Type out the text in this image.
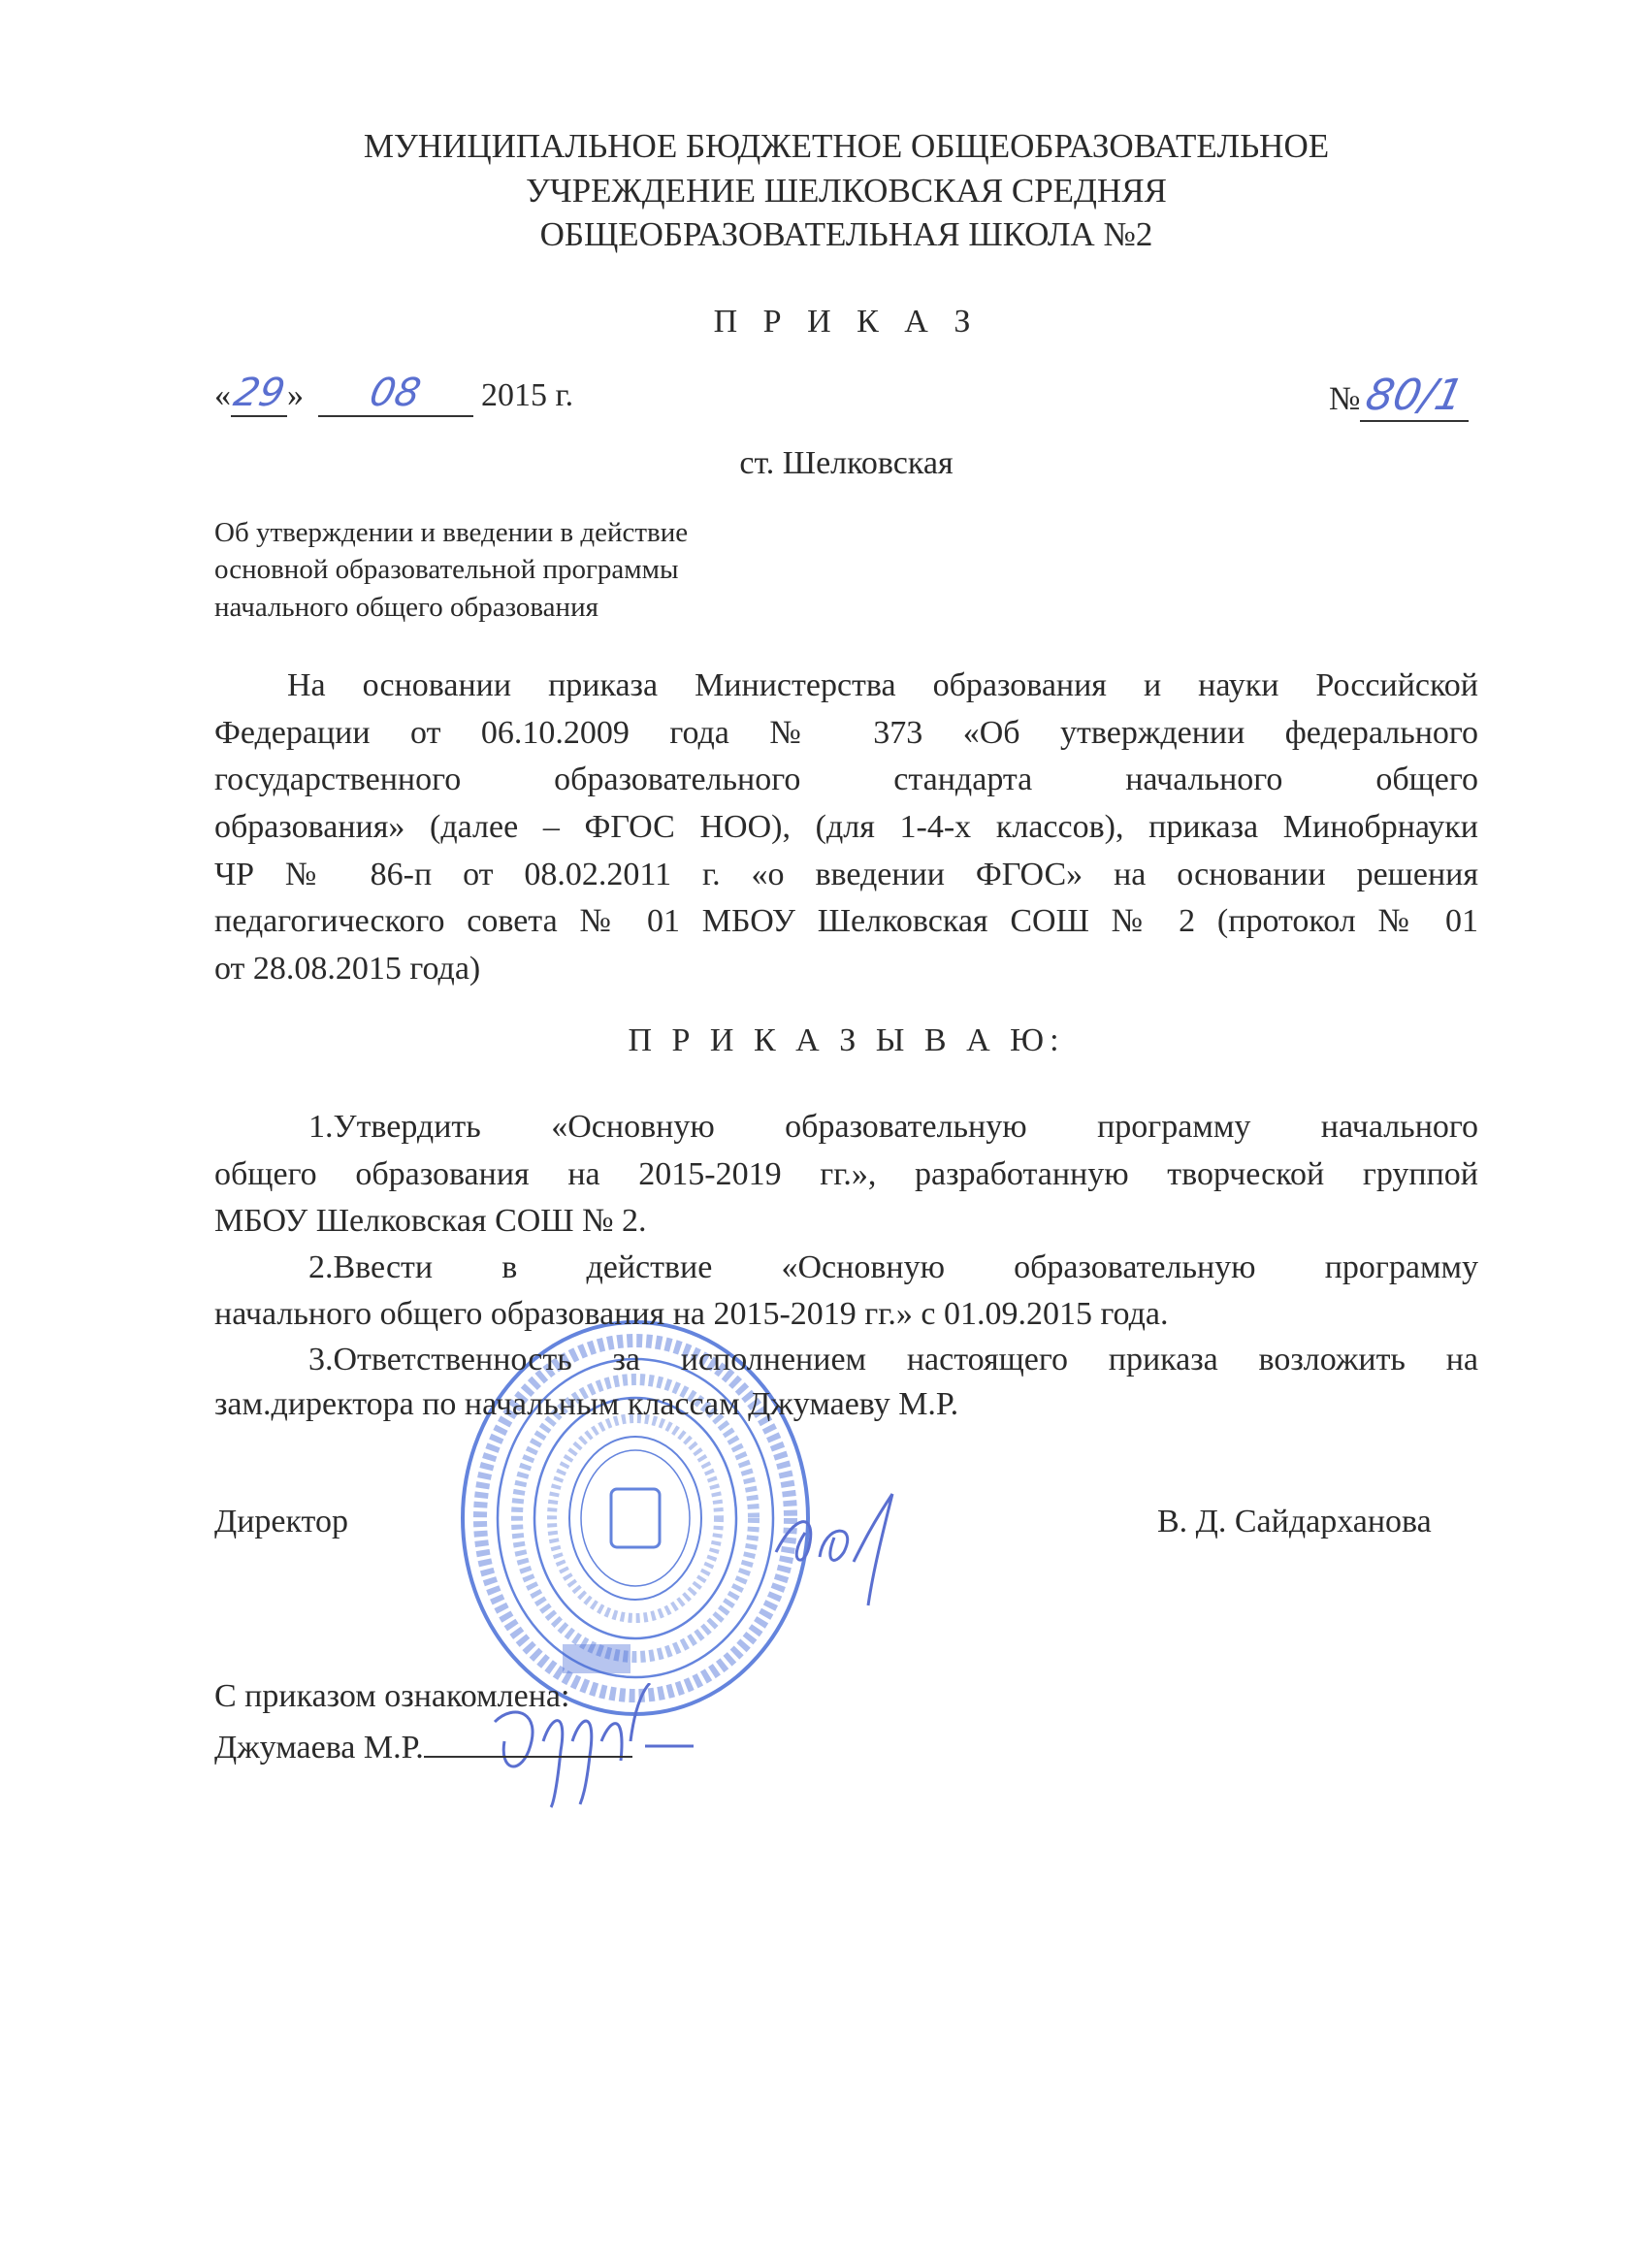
МУНИЦИПАЛЬНОЕ БЮДЖЕТНОЕ ОБЩЕОБРАЗОВАТЕЛЬНОЕ
УЧРЕЖДЕНИЕ ШЕЛКОВСКАЯ СРЕДНЯЯ
ОБЩЕОБРАЗОВАТЕЛЬНАЯ ШКОЛА №2
П Р И К А З
«29» 08 2015 г.	№80/1
ст. Шелковская
Об утверждении и введении в действие
основной образовательной программы
начального общего образования
На основании приказа Министерства образования и науки Российской
Федерации от 06.10.2009 года № 373 «Об утверждении федерального
государственного образовательного стандарта начального общего
образования» (далее – ФГОС НОО), (для 1-4-х классов), приказа Минобрнауки
ЧР № 86-п от 08.02.2011 г. «о введении ФГОС» на основании решения
педагогического совета № 01 МБОУ Шелковская СОШ № 2 (протокол № 01
от 28.08.2015 года)
П Р И К А З Ы В А Ю:
1.Утвердить «Основную образовательную программу начального
общего образования на 2015-2019 гг.», разработанную творческой группой
МБОУ Шелковская СОШ № 2.
2.Ввести в действие «Основную образовательную программу
начального общего образования на 2015-2019 гг.» с 01.09.2015 года.
3.Ответственность за исполнением настоящего приказа возложить на
зам.директора по начальным классам Джумаеву М.Р.
Директор	В. Д. Сайдарханова
С приказом ознакомлена:
Джумаева М.Р.
